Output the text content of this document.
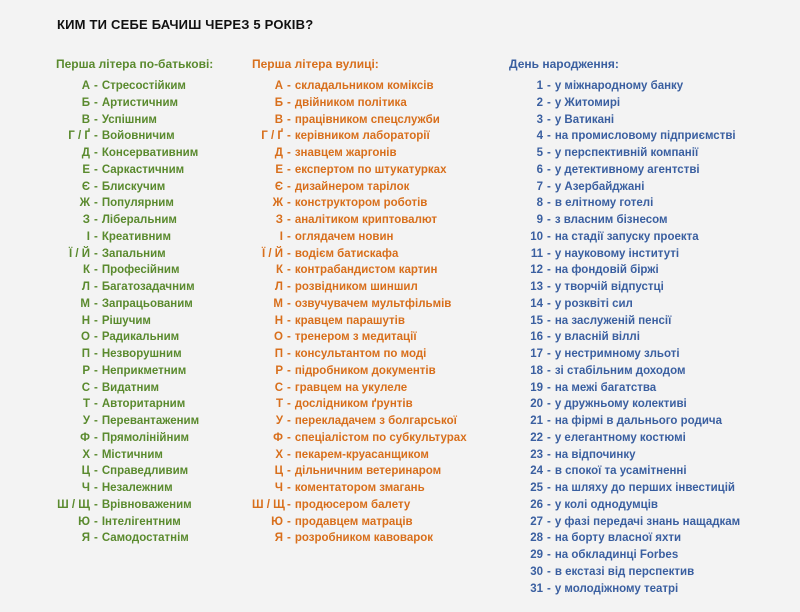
КИМ ТИ СЕБЕ БАЧИШ ЧЕРЕЗ 5 РОКІВ?
Перша літера по-батькові:
А - Стресостійким
Б - Артистичним
В - Успішним
Г / Ґ - Войовничим
Д - Консервативним
Е - Саркастичним
Є - Блискучим
Ж - Популярним
З - Ліберальним
І - Креативним
Ї / Й - Запальним
К - Професійним
Л - Багатозадачним
М - Запрацьованим
Н - Рішучим
О - Радикальним
П - Незворушним
Р - Неприкметним
С - Видатним
Т - Авторитарним
У - Перевантаженим
Ф - Прямолінійним
Х - Містичним
Ц - Справедливим
Ч - Незалежним
Ш / Щ - Врівноваженим
Ю - Інтелігентним
Я - Самодостатнім
Перша літера вулиці:
А - складальником коміксів
Б - двійником політика
В - працівником спецслужби
Г / Ґ - керівником лабораторії
Д - знавцем жаргонів
Е - експертом по штукатурках
Є - дизайнером тарілок
Ж - конструктором роботів
З - аналітиком криптовалют
І - оглядачем новин
Ї / Й - водієм батискафа
К - контрабандистом картин
Л - розвідником шиншил
М - озвучувачем мультфільмів
Н - кравцем парашутів
О - тренером з медитації
П - консультантом по моді
Р - підробником документів
С - гравцем на укулеле
Т - дослідником ґрунтів
У - перекладачем з болгарської
Ф - спеціалістом по субкультурах
Х - пекарем-круасанщиком
Ц - дільничним ветеринаром
Ч - коментатором змагань
Ш / Щ - продюсером балету
Ю - продавцем матраців
Я - розробником кавоварок
День народження:
1 - у міжнародному банку
2 - у Житомирі
3 - у Ватикані
4 - на промисловому підприємстві
5 - у перспективній компанії
6 - у детективному агентстві
7 - у Азербайджані
8 - в елітному готелі
9 - з власним бізнесом
10 - на стадії запуску проекта
11 - у науковому інституті
12 - на фондовій біржі
13 - у творчій відпустці
14 - у розквіті сил
15 - на заслуженій пенсії
16 - у власній віллі
17 - у нестримному зльоті
18 - зі стабільним доходом
19 - на межі багатства
20 - у дружньому колективі
21 - на фірмі в дальнього родича
22 - у елегантному костюмі
23 - на відпочинку
24 - в спокої та усамітненні
25 - на шляху до перших інвестицій
26 - у колі однодумців
27 - у фазі передачі знань нащадкам
28 - на борту власної яхти
29 - на обкладинці Forbes
30 - в екстазі від перспектив
31 - у молодіжному театрі
